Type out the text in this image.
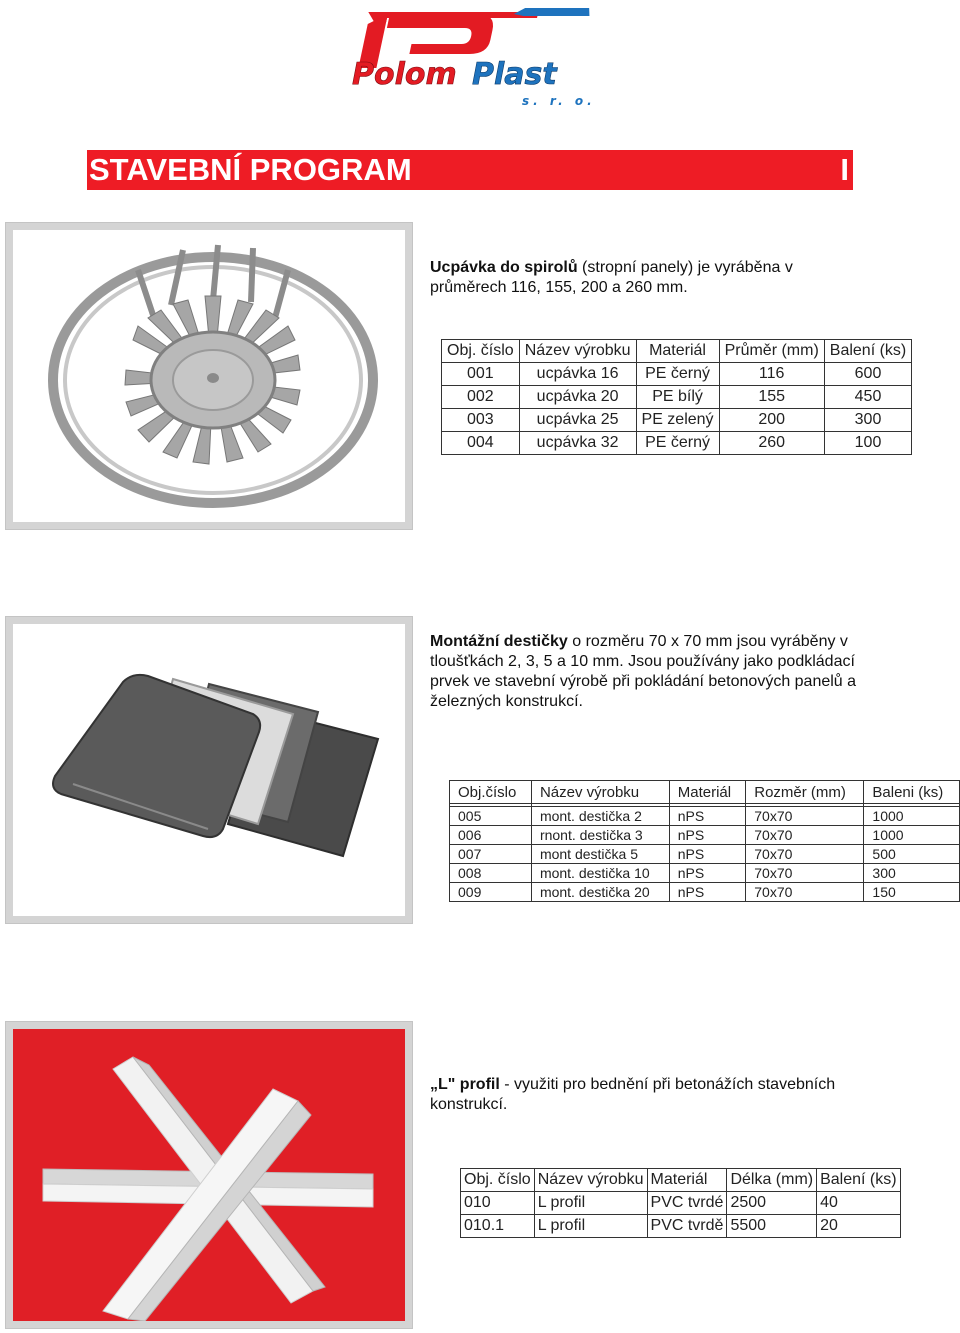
Polom Plast
s. r. o.
STAVEBNÍ PROGRAM	I
Ucpávka do spirolů (stropní panely) je vyráběna v průměrech 116, 155, 200 a 260 mm.
Obj. číslo	Název výrobku	Materiál	Průměr (mm)	Balení (ks)
001	ucpávka 16	PE černý	116	600
002	ucpávka 20	PE bílý	155	450
003	ucpávka 25	PE zelený	200	300
004	ucpávka 32	PE černý	260	100
Montážní destičky o rozměru 70 x 70 mm jsou vyráběny v tloušťkách 2, 3, 5 a 10 mm. Jsou používány jako podkládací prvek ve stavební výrobě při pokládání betonových panelů a železných konstrukcí.
Obj.číslo	Název výrobku	Materiál	Rozměr (mm)	Baleni (ks)

005	mont. destička 2	nPS	70x70	1000
006	rnont. destička 3	nPS	70x70	1000
007	mont destička 5	nPS	70x70	500
008	mont. destička 10	nPS	70x70	300
009	mont. destička 20	nPS	70x70	150
„L" profil - využiti pro bednění při betonážích stavebních konstrukcí.
Obj. číslo	Název výrobku	Materiál	Délka (mm)	Balení (ks)
010	L profil	PVC tvrdé	2500	40
010.1	L profil	PVC tvrdě	5500	20
